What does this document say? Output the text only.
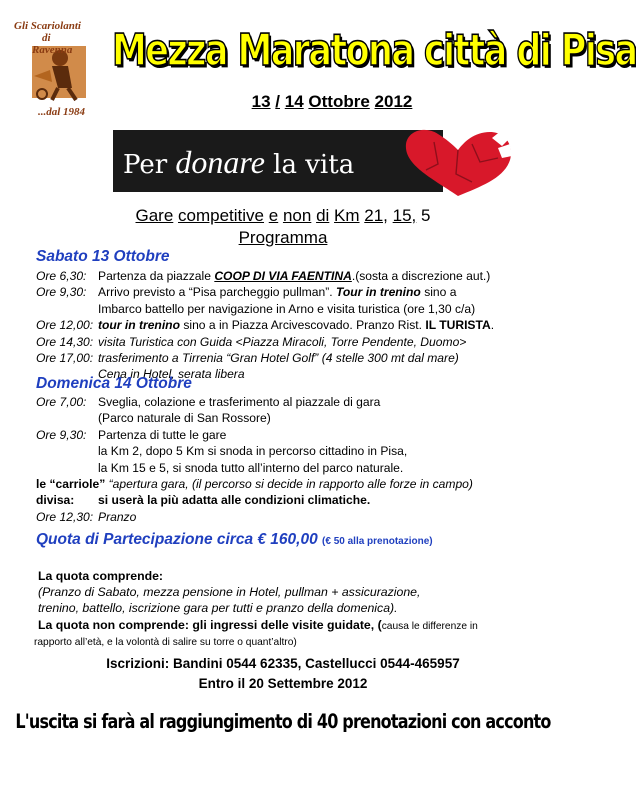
Gli Scariolanti
di
Ravenna
...dal 1984
Mezza Maratona città di Pisa
13 / 14 Ottobre 2012
Per donare la vita
Gare competitive e non di Km 21, 15, 5
Programma
Sabato 13 Ottobre
Ore 6,30: Partenza da piazzale COOP DI VIA FAENTINA.(sosta a discrezione aut.)
Ore 9,30: Arrivo previsto a “Pisa parcheggio pullman”. Tour in trenino sino a
Imbarco battello per navigazione in Arno e visita turistica (ore 1,30 c/a)
Ore 12,00: tour in trenino sino a in Piazza Arcivescovado. Pranzo Rist. IL TURISTA.
Ore 14,30: visita Turistica con Guida <Piazza Miracoli, Torre Pendente, Duomo>
Ore 17,00: trasferimento a Tirrenia “Gran Hotel Golf” (4 stelle 300 mt dal mare)
Cena in Hotel, serata libera
Domenica 14 Ottobre
Ore 7,00: Sveglia, colazione e trasferimento al piazzale di gara
(Parco naturale di San Rossore)
Ore 9,30: Partenza di tutte le gare
la Km 2, dopo 5 Km si snoda in percorso cittadino in Pisa,
la Km 15 e 5, si snoda tutto all’interno del parco naturale.
le “carriole” “apertura gara, (il percorso si decide in rapporto alle forze in campo)
divisa:	si userà la più adatta alle condizioni climatiche.
Ore 12,30: Pranzo
Quota di Partecipazione circa € 160,00 (€ 50 alla prenotazione)
La quota comprende:
(Pranzo di Sabato, mezza pensione in Hotel, pullman + assicurazione,
trenino, battello, iscrizione gara per tutti e pranzo della domenica).
La quota non comprende: gli ingressi delle visite guidate, (causa le differenze in
rapporto all’età, e la volontà di salire su torre o quant’altro)
Iscrizioni: Bandini 0544 62335, Castellucci 0544-465957
Entro il 20 Settembre 2012
L'uscita si farà al raggiungimento di 40 prenotazioni con acconto
